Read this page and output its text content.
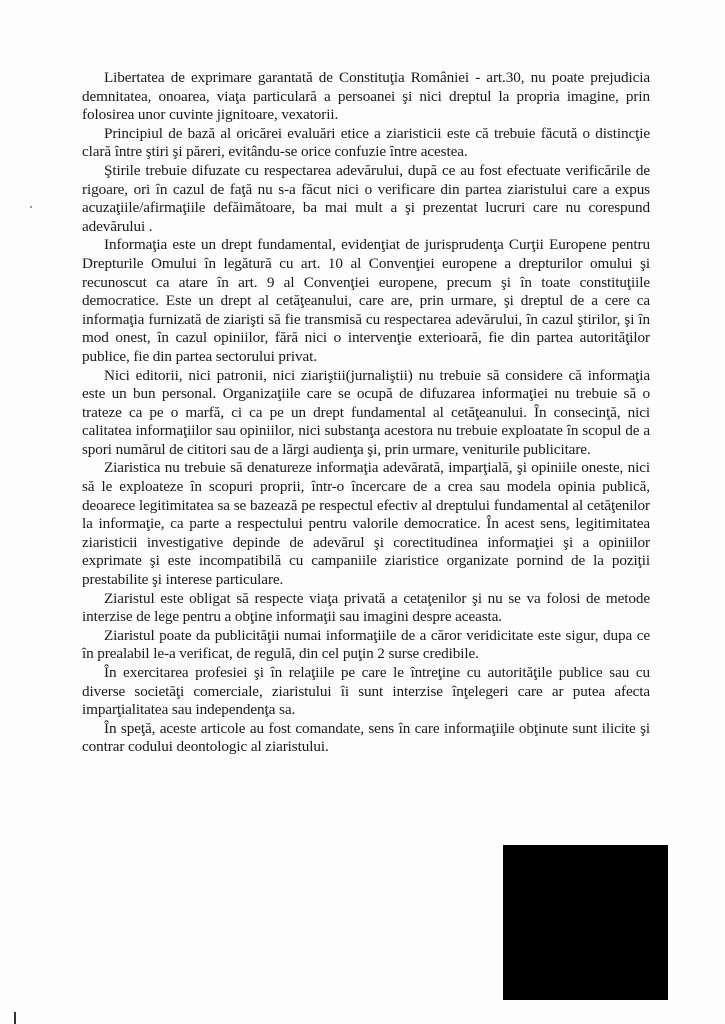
Libertatea de exprimare garantată de Constituţia României - art.30, nu poate prejudicia demnitatea, onoarea, viaţa particulară a persoanei şi nici dreptul la propria imagine, prin folosirea unor cuvinte jignitoare, vexatorii.

Principiul de bază al oricărei evaluări etice a ziaristicii este că trebuie făcută o distincţie clară între ştiri şi păreri, evitându-se orice confuzie între acestea.

Ştirile trebuie difuzate cu respectarea adevărului, după ce au fost efectuate verificările de rigoare, ori în cazul de faţă nu s-a făcut nici o verificare din partea ziaristului care a expus acuzaţiile/afirmaţiile defăimătoare, ba mai mult a şi prezentat lucruri care nu corespund adevărului .

Informaţia este un drept fundamental, evidenţiat de jurisprudenţa Curţii Europene pentru Drepturile Omului în legătură cu art. 10 al Convenţiei europene a drepturilor omului şi recunoscut ca atare în art. 9 al Convenţiei europene, precum şi în toate constituţiile democratice. Este un drept al cetăţeanului, care are, prin urmare, şi dreptul de a cere ca informaţia furnizată de ziarişti să fie transmisă cu respectarea adevărului, în cazul ştirilor, şi în mod onest, în cazul opiniilor, fără nici o intervenţie exterioară, fie din partea autorităţilor publice, fie din partea sectorului privat.

Nici editorii, nici patronii, nici ziariştii(jurnaliştii) nu trebuie să considere că informaţia este un bun personal. Organizaţiile care se ocupă de difuzarea informaţiei nu trebuie să o trateze ca pe o marfă, ci ca pe un drept fundamental al cetăţeanului. În consecinţă, nici calitatea informaţiilor sau opiniilor, nici substanţa acestora nu trebuie exploatate în scopul de a spori numărul de cititori sau de a lărgi audienţa şi, prin urmare, veniturile publicitare.

Ziaristica nu trebuie să denatureze informaţia adevărată, imparţială, şi opiniile oneste, nici să le exploateze în scopuri proprii, într-o încercare de a crea sau modela opinia publică, deoarece legitimitatea sa se bazează pe respectul efectiv al dreptului fundamental al cetăţenilor la informaţie, ca parte a respectului pentru valorile democratice. În acest sens, legitimitatea ziaristicii investigative depinde de adevărul şi corectitudinea informaţiei şi a opiniilor exprimate şi este incompatibilă cu campaniile ziaristice organizate pornind de la poziţii prestabilite şi interese particulare.

Ziaristul este obligat să respecte viaţa privată a cetaţenilor şi nu se va folosi de metode interzise de lege pentru a obţine informaţii sau imagini despre aceasta.

Ziaristul poate da publicităţii numai informaţiile de a căror veridicitate este sigur, dupa ce în prealabil le-a verificat, de regulă, din cel puţin 2 surse credibile.

În exercitarea profesiei şi în relaţiile pe care le întreţine cu autorităţile publice sau cu diverse societăţi comerciale, ziaristului îi sunt interzise înţelegeri care ar putea afecta imparţialitatea sau independenţa sa.

În speţă, aceste articole au fost comandate, sens în care informaţiile obţinute sunt ilicite şi contrar codului deontologic al ziaristului.
